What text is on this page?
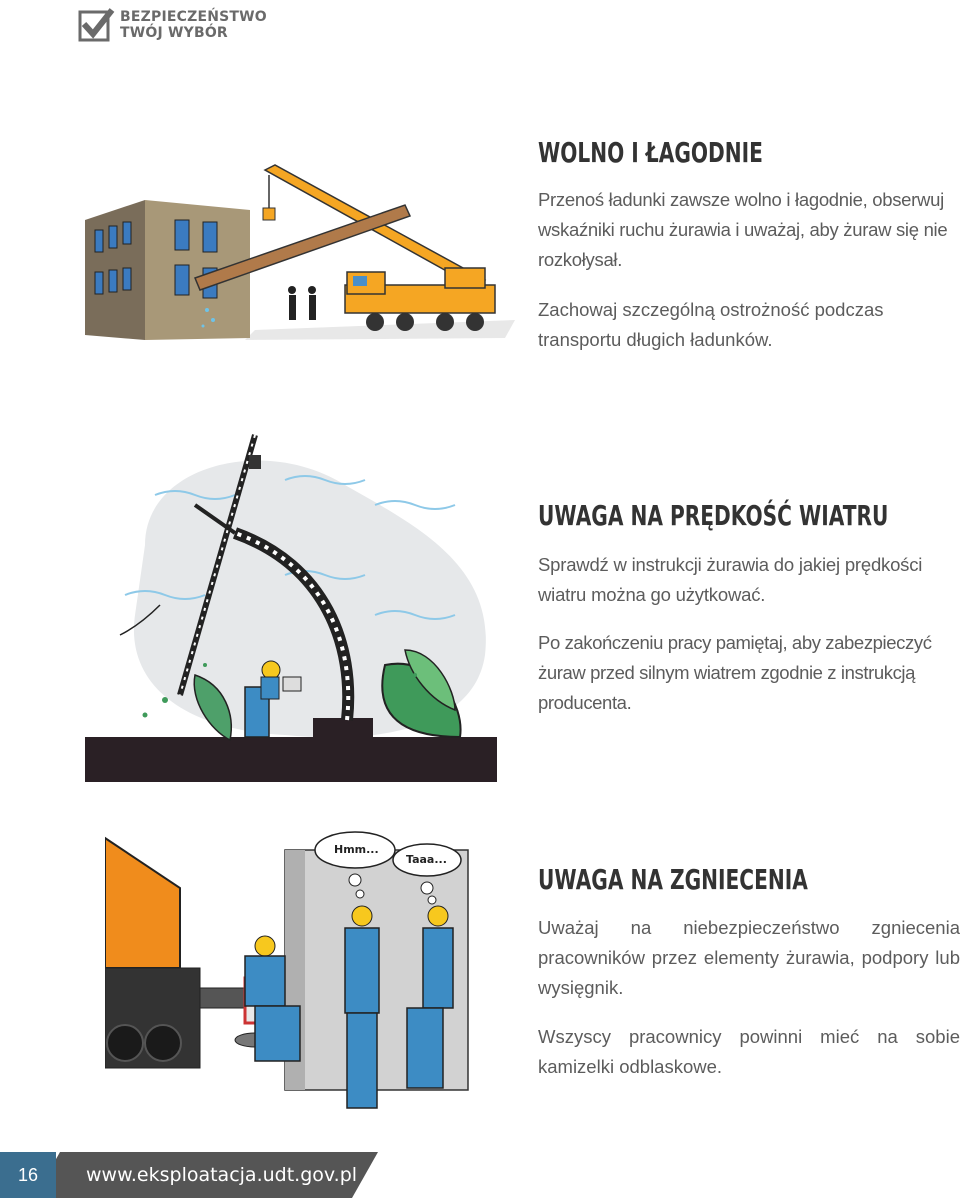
BEZPIECZEŃSTWO
TWÓJ WYBÓR
WOLNO I ŁAGODNIE

Przenoś ładunki zawsze wolno i łagodnie, obserwuj wskaźniki ruchu żurawia i uważaj, aby żuraw się nie rozkołysał.

Zachowaj szczególną ostrożność podczas transportu długich ładunków.

UWAGA NA PRĘDKOŚĆ WIATRU

Sprawdź w instrukcji żurawia do jakiej prędkości wiatru można go użytkować.

Po zakończeniu pracy pamiętaj, aby zabezpieczyć żuraw przed silnym wiatrem zgodnie z instrukcją producenta.

Hmm...
Taaa...
UWAGA NA ZGNIECENIA

Uważaj na niebezpieczeństwo zgniecenia pracowników przez elementy żurawia, podpory lub wysięgnik.

Wszyscy pracownicy powinni mieć na sobie kamizelki odblaskowe.

16	www.eksploatacja.udt.gov.pl
